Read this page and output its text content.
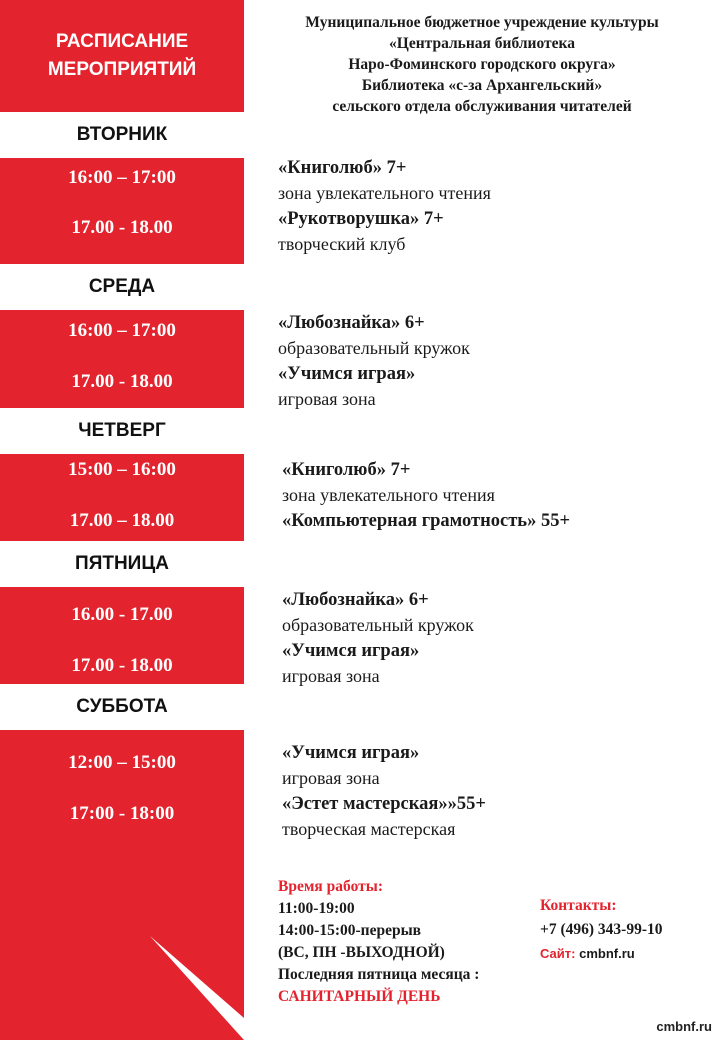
РАСПИСАНИЕ
МЕРОПРИЯТИЙ
ВТОРНИК
16:00 – 17:00
17.00 - 18.00
СРЕДА
16:00 – 17:00
17.00 - 18.00
ЧЕТВЕРГ
15:00 – 16:00
17.00 – 18.00
ПЯТНИЦА
16.00 - 17.00
17.00 - 18.00
СУББОТА
12:00 – 15:00
17:00 - 18:00
Муниципальное бюджетное учреждение культуры
«Центральная библиотека
Наро-Фоминского городского округа»
Библиотека «с-за Архангельский»
сельского отдела обслуживания читателей
«Книголюб» 7+
зона увлекательного чтения
«Рукотворушка» 7+
творческий клуб
«Любознайка» 6+
образовательный кружок
«Учимся играя»
игровая зона
«Книголюб» 7+
зона увлекательного чтения
«Компьютерная грамотность» 55+
«Любознайка» 6+
образовательный кружок
«Учимся играя»
игровая зона
«Учимся играя»
игровая зона
«Эстет мастерская»»55+
творческая мастерская
Время работы:
11:00-19:00
14:00-15:00-перерыв
(ВС, ПН -ВЫХОДНОЙ)
Последняя пятница месяца :
САНИТАРНЫЙ ДЕНЬ
Контакты:
+7 (496) 343-99-10
Сайт: cmbnf.ru
cmbnf.ru
